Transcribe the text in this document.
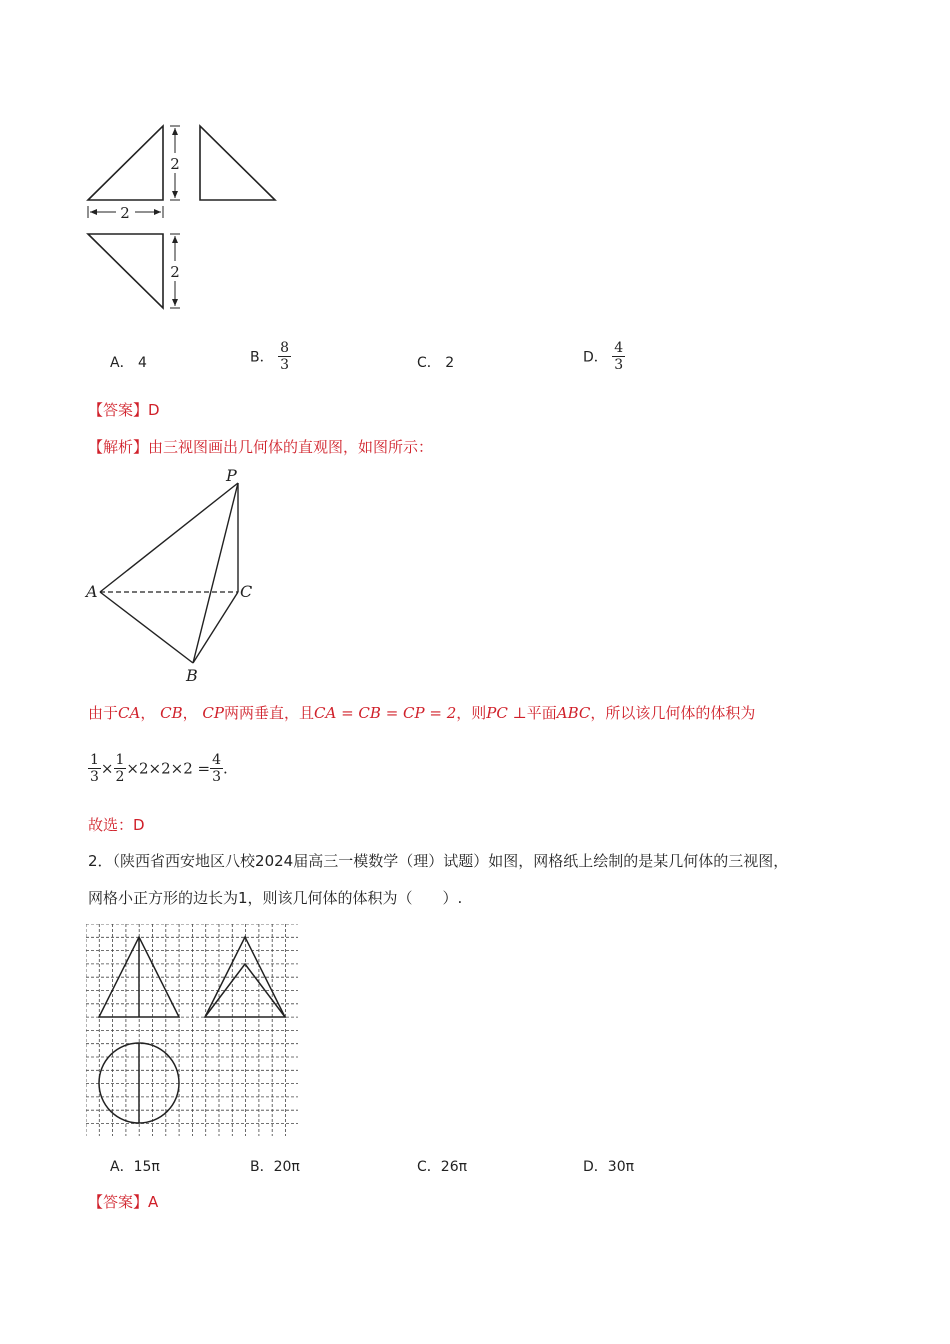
2
2
2
A． 4	B． $\frac{8}{3}$	C． 2	D． $\frac{4}{3}$
【答案】D
【解析】由三视图画出几何体的直观图，如图所示：
P
A	C
B
由于CA， CB， CP两两垂直，且CA = CB = CP = 2，则PC ⊥平面ABC，所以该几何体的体积为
$\frac{1}{3} \times \frac{1}{2} \times 2\times 2\times 2 = \frac{4}{3}$ .
故选：D
2．（陕西省西安地区八校2024届高三一模数学（理）试题）如图，网格纸上绘制的是某几何体的三视图，
网格小正方形的边长为1，则该几何体的体积为（　　）.
A．15π	B．20π	C．26π	D．30π
【答案】A
